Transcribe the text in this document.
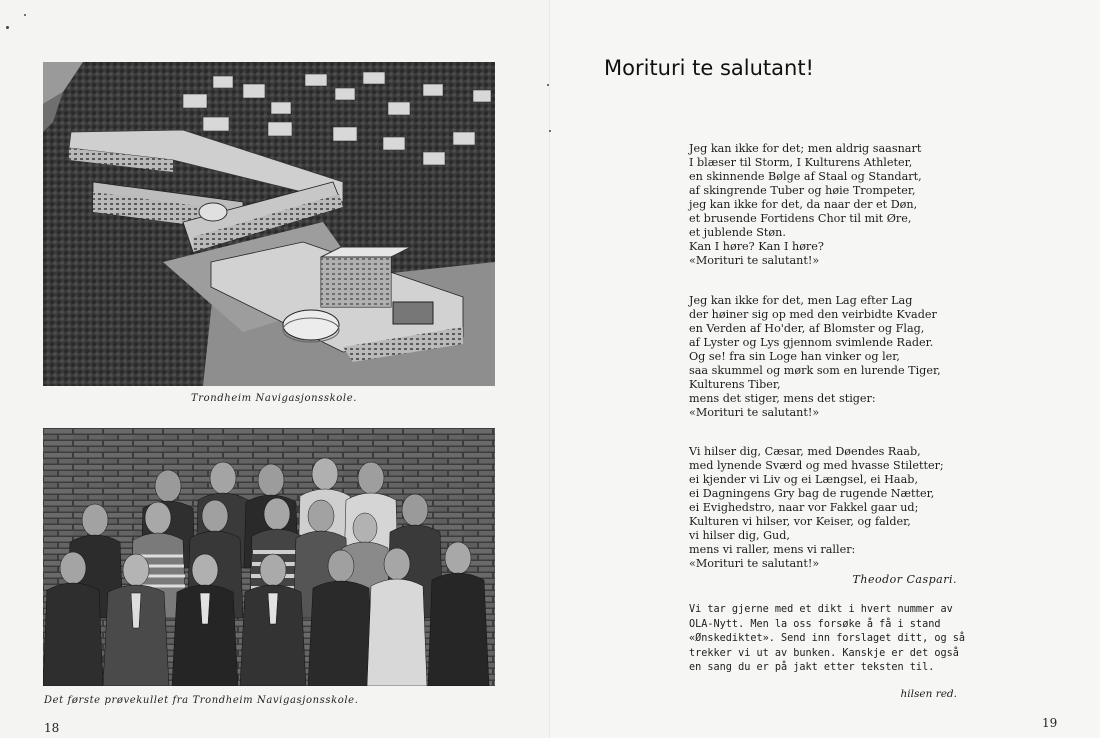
Trondheim Navigasjonsskole.
Det første prøvekullet fra Trondheim Navigasjonsskole.
18
Morituri te salutant!
Jeg kan ikke for det; men aldrig saasnart
I blæser til Storm, I Kulturens Athleter,
en skinnende Bølge af Staal og Standart,
af skingrende Tuber og høie Trompeter,
jeg kan ikke for det, da naar der et Døn,
et brusende Fortidens Chor til mit Øre,
et jublende Støn.
Kan I høre? Kan I høre?
«Morituri te salutant!»
Jeg kan ikke for det, men Lag efter Lag
der høiner sig op med den veirbidte Kvader
en Verden af Ho'der, af Blomster og Flag,
af Lyster og Lys gjennom svimlende Rader.
Og se! fra sin Loge han vinker og ler,
saa skummel og mørk som en lurende Tiger,
Kulturens Tiber,
mens det stiger, mens det stiger:
«Morituri te salutant!»
Vi hilser dig, Cæsar, med Døendes Raab,
med lynende Sværd og med hvasse Stiletter;
ei kjender vi Liv og ei Længsel, ei Haab,
ei Dagningens Gry bag de rugende Nætter,
ei Evighedstro, naar vor Fakkel gaar ud;
Kulturen vi hilser, vor Keiser, og falder,
vi hilser dig, Gud,
mens vi raller, mens vi raller:
«Morituri te salutant!»
Theodor Caspari.
Vi tar gjerne med et dikt i hvert nummer av
OLA-Nytt. Men la oss forsøke å få i stand
«Ønskediktet». Send inn forslaget ditt, og så
trekker vi ut av bunken. Kanskje er det også
en sang du er på jakt etter teksten til.
hilsen red.
19
